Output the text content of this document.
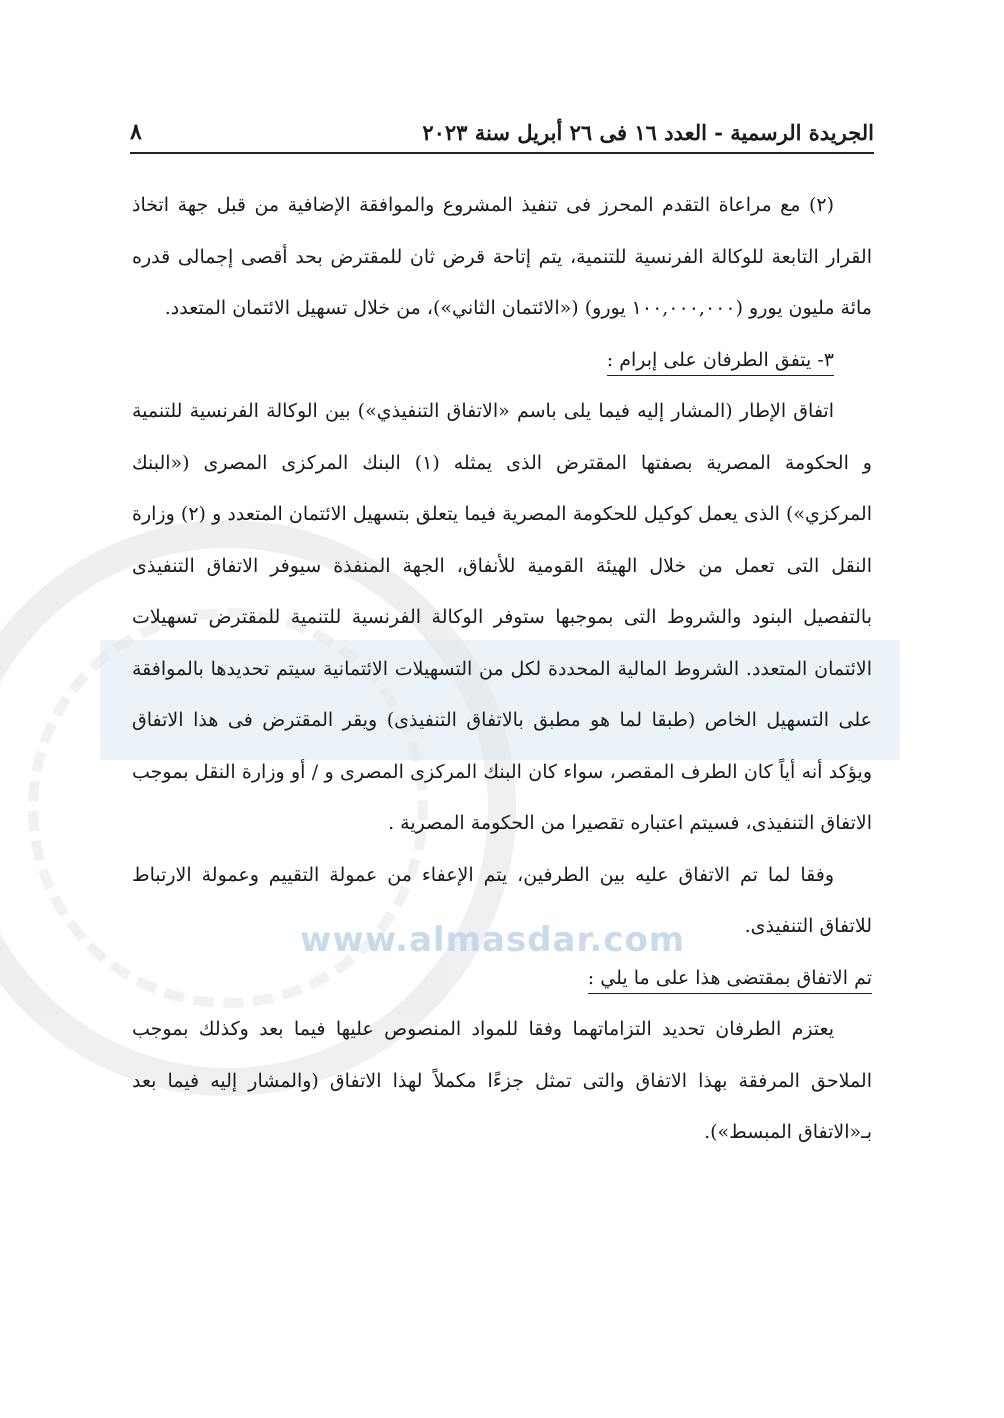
www.almasdar.com
الجريدة الرسمية - العدد ١٦ فى ٢٦ أبريل سنة ٢٠٢٣
٨

(٢) مع مراعاة التقدم المحرز فى تنفيذ المشروع والموافقة الإضافية من قبل جهة اتخاذ القرار التابعة للوكالة الفرنسية للتنمية، يتم إتاحة قرض ثان للمقترض بحد أقصى إجمالى قدره مائة مليون يورو (١٠٠,٠٠٠,٠٠٠ يورو) («الائتمان الثاني»)، من خلال تسهيل الائتمان المتعدد.

٣- يتفق الطرفان على إبرام :

اتفاق الإطار (المشار إليه فيما يلى باسم «الاتفاق التنفيذي») بين الوكالة الفرنسية للتنمية و الحكومة المصرية بصفتها المقترض الذى يمثله (١) البنك المركزى المصرى («البنك المركزي») الذى يعمل كوكيل للحكومة المصرية فيما يتعلق بتسهيل الائتمان المتعدد و (٢) وزارة النقل التى تعمل من خلال الهيئة القومية للأنفاق، الجهة المنفذة سيوفر الاتفاق التنفيذى بالتفصيل البنود والشروط التى بموجبها ستوفر الوكالة الفرنسية للتنمية للمقترض تسهيلات الائتمان المتعدد. الشروط المالية المحددة لكل من التسهيلات الائتمانية سيتم تحديدها بالموافقة على التسهيل الخاص (طبقا لما هو مطبق بالاتفاق التنفيذى) ويقر المقترض فى هذا الاتفاق ويؤكد أنه أياً كان الطرف المقصر، سواء كان البنك المركزى المصرى و / أو وزارة النقل بموجب الاتفاق التنفيذى، فسيتم اعتباره تقصيرا من الحكومة المصرية .

وفقا لما تم الاتفاق عليه بين الطرفين، يتم الإعفاء من عمولة التقييم وعمولة الارتباط للاتفاق التنفيذى.

تم الاتفاق بمقتضى هذا على ما يلي :

يعتزم الطرفان تحديد التزاماتهما وفقا للمواد المنصوص عليها فيما بعد وكذلك بموجب الملاحق المرفقة بهذا الاتفاق والتى تمثل جزءًا مكملاً لهذا الاتفاق (والمشار إليه فيما بعد بـ«الاتفاق المبسط»).
